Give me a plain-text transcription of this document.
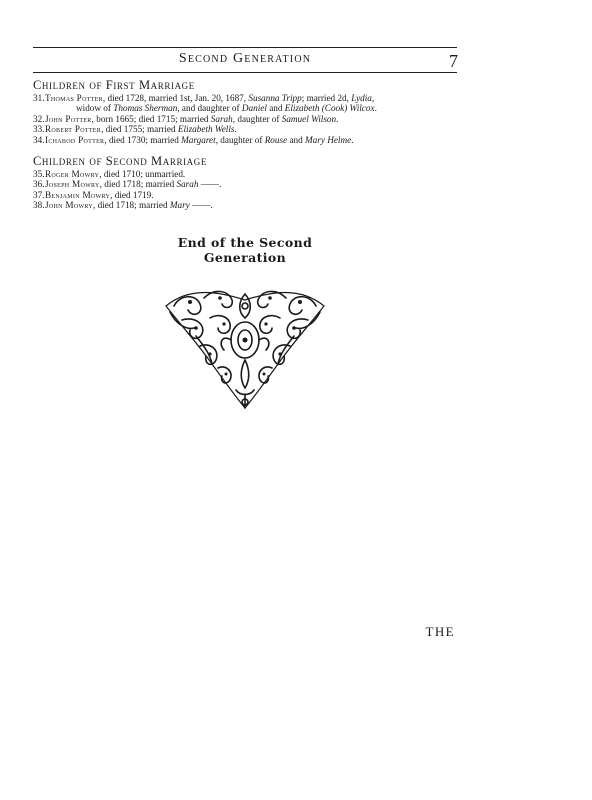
Second Generation	7
Children of First Marriage
31.Thomas Potter, died 1728, married 1st, Jan. 20, 1687, Susanna Tripp; married 2d, Lydia,
widow of Thomas Sherman, and daughter of Daniel and Elizabeth (Cook) Wilcox.
32.John Potter, born 1665; died 1715; married Sarah, daughter of Samuel Wilson.
33.Robert Potter, died 1755; married Elizabeth Wells.
34.Ichabod Potter, died 1730; married Margaret, daughter of Rouse and Mary Helme.
Children of Second Marriage
35.Roger Mowry, died 1710; unmarried.
36.Joseph Mowry, died 1718; married Sarah ——.
37.Benjamin Mowry, died 1719.
38.John Mowry, died 1718; married Mary ——.
End of the Second Generation
THE
